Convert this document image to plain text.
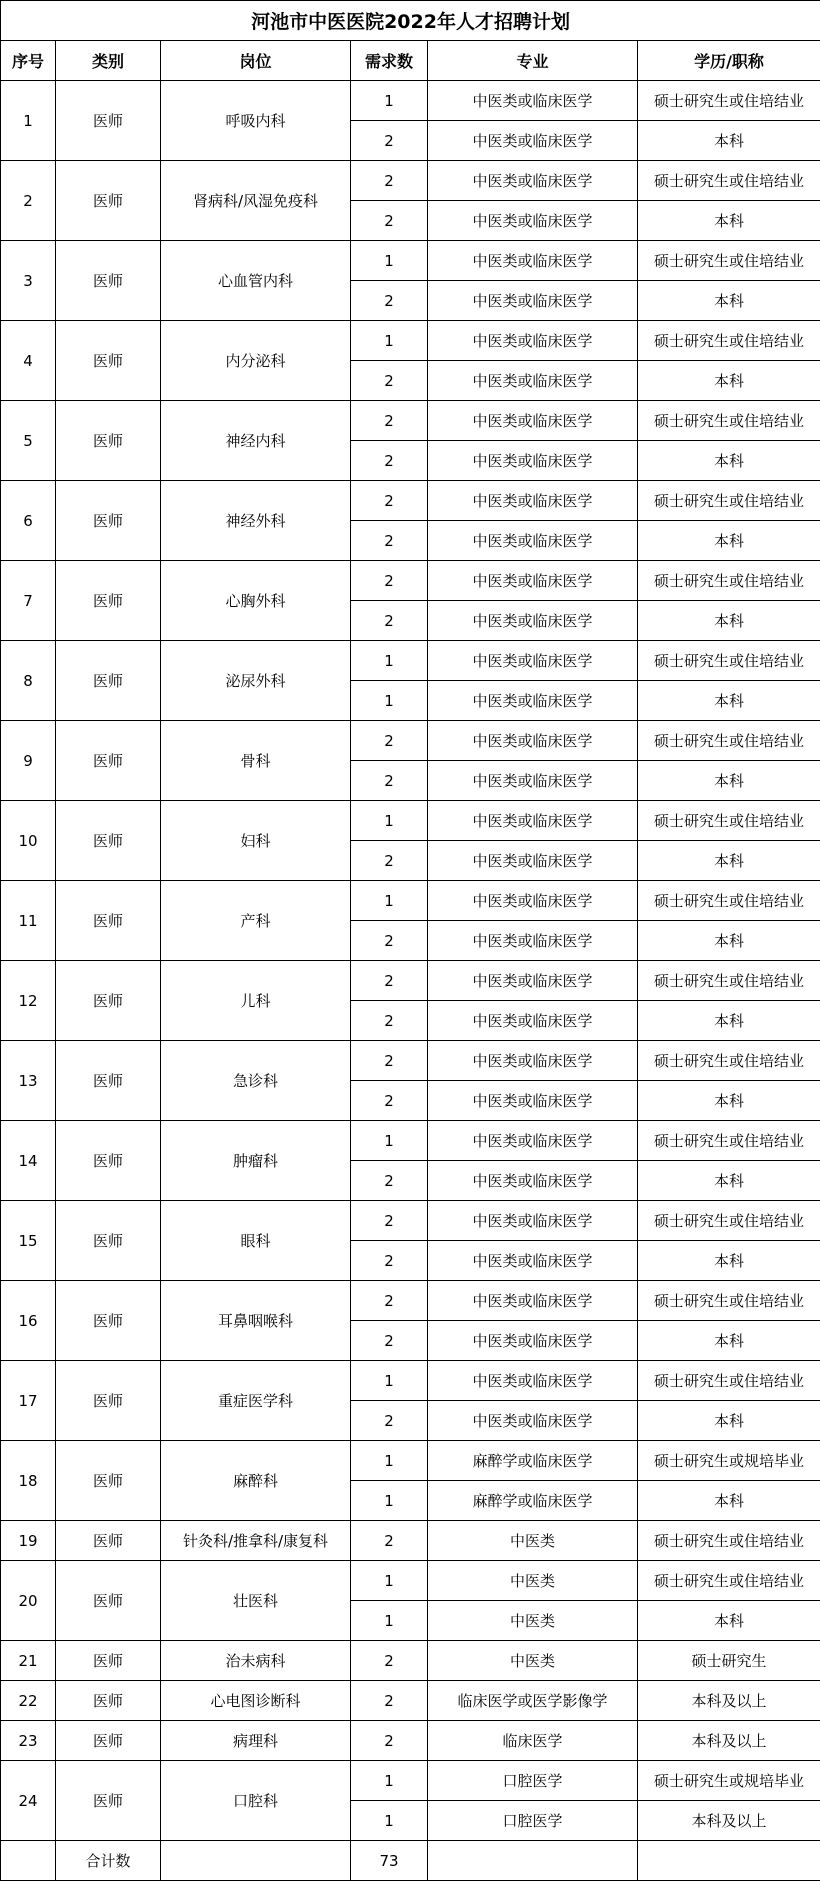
河池市中医医院2022年人才招聘计划					
序号	类别	岗位	需求数	专业	学历/职称
1	医师	呼吸内科	1	中医类或临床医学	硕士研究生或住培结业
			2	中医类或临床医学	本科
2	医师	肾病科/风湿免疫科	2	中医类或临床医学	硕士研究生或住培结业
			2	中医类或临床医学	本科
3	医师	心血管内科	1	中医类或临床医学	硕士研究生或住培结业
			2	中医类或临床医学	本科
4	医师	内分泌科	1	中医类或临床医学	硕士研究生或住培结业
			2	中医类或临床医学	本科
5	医师	神经内科	2	中医类或临床医学	硕士研究生或住培结业
			2	中医类或临床医学	本科
6	医师	神经外科	2	中医类或临床医学	硕士研究生或住培结业
			2	中医类或临床医学	本科
7	医师	心胸外科	2	中医类或临床医学	硕士研究生或住培结业
			2	中医类或临床医学	本科
8	医师	泌尿外科	1	中医类或临床医学	硕士研究生或住培结业
			1	中医类或临床医学	本科
9	医师	骨科	2	中医类或临床医学	硕士研究生或住培结业
			2	中医类或临床医学	本科
10	医师	妇科	1	中医类或临床医学	硕士研究生或住培结业
			2	中医类或临床医学	本科
11	医师	产科	1	中医类或临床医学	硕士研究生或住培结业
			2	中医类或临床医学	本科
12	医师	儿科	2	中医类或临床医学	硕士研究生或住培结业
			2	中医类或临床医学	本科
13	医师	急诊科	2	中医类或临床医学	硕士研究生或住培结业
			2	中医类或临床医学	本科
14	医师	肿瘤科	1	中医类或临床医学	硕士研究生或住培结业
			2	中医类或临床医学	本科
15	医师	眼科	2	中医类或临床医学	硕士研究生或住培结业
			2	中医类或临床医学	本科
16	医师	耳鼻咽喉科	2	中医类或临床医学	硕士研究生或住培结业
			2	中医类或临床医学	本科
17	医师	重症医学科	1	中医类或临床医学	硕士研究生或住培结业
			2	中医类或临床医学	本科
18	医师	麻醉科	1	麻醉学或临床医学	硕士研究生或规培毕业
			1	麻醉学或临床医学	本科
19	医师	针灸科/推拿科/康复科	2	中医类	硕士研究生或住培结业
20	医师	壮医科	1	中医类	硕士研究生或住培结业
			1	中医类	本科
21	医师	治未病科	2	中医类	硕士研究生
22	医师	心电图诊断科	2	临床医学或医学影像学	本科及以上
23	医师	病理科	2	临床医学	本科及以上
24	医师	口腔科	1	口腔医学	硕士研究生或规培毕业
			1	口腔医学	本科及以上
	合计数		73		
